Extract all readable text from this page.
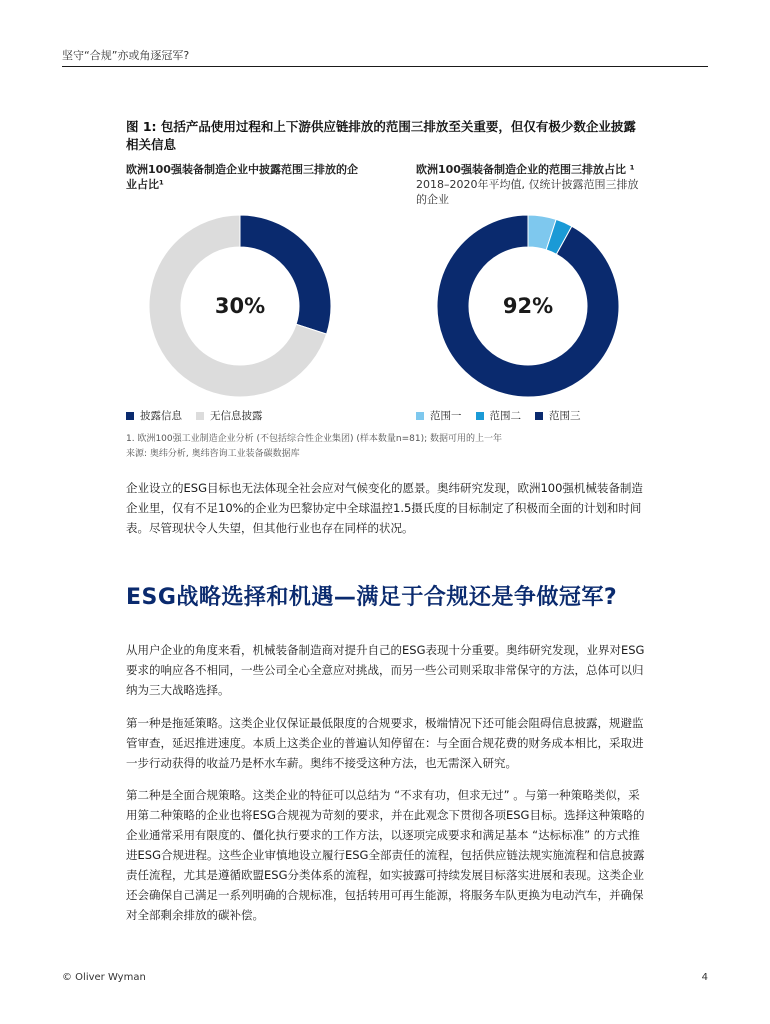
坚守“合规”亦或角逐冠军?
图 1: 包括产品使用过程和上下游供应链排放的范围三排放至关重要，但仅有极少数企业披露相关信息
欧洲100强装备制造企业中披露范围三排放的企业占比¹
欧洲100强装备制造企业的范围三排放占比 ¹
2018–2020年平均值, 仅统计披露范围三排放的企业
30%	92%
披露信息	无信息披露	范围一	范围二	范围三
1. 欧洲100强工业制造企业分析 (不包括综合性企业集团) (样本数量n=81); 数据可用的上一年
来源: 奥纬分析, 奥纬咨询工业装备碳数据库
企业设立的ESG目标也无法体现全社会应对气候变化的愿景。奥纬研究发现，欧洲100强机械装备制造企业里，仅有不足10%的企业为巴黎协定中全球温控1.5摄氏度的目标制定了积极而全面的计划和时间表。尽管现状令人失望，但其他行业也存在同样的状况。
ESG战略选择和机遇—满足于合规还是争做冠军?
从用户企业的角度来看，机械装备制造商对提升自己的ESG表现十分重要。奥纬研究发现，业界对ESG要求的响应各不相同，一些公司全心全意应对挑战，而另一些公司则采取非常保守的方法，总体可以归纳为三大战略选择。
第一种是拖延策略。这类企业仅保证最低限度的合规要求，极端情况下还可能会阻碍信息披露，规避监管审查，延迟推进速度。本质上这类企业的普遍认知停留在：与全面合规花费的财务成本相比，采取进一步行动获得的收益乃是杯水车薪。奥纬不接受这种方法，也无需深入研究。
第二种是全面合规策略。这类企业的特征可以总结为 “不求有功，但求无过” 。与第一种策略类似，采用第二种策略的企业也将ESG合规视为苛刻的要求，并在此观念下贯彻各项ESG目标。选择这种策略的企业通常采用有限度的、僵化执行要求的工作方法，以逐项完成要求和满足基本 “达标标准” 的方式推进ESG合规进程。这些企业审慎地设立履行ESG全部责任的流程，包括供应链法规实施流程和信息披露责任流程，尤其是遵循欧盟ESG分类体系的流程，如实披露可持续发展目标落实进展和表现。这类企业还会确保自己满足一系列明确的合规标准，包括转用可再生能源，将服务车队更换为电动汽车，并确保对全部剩余排放的碳补偿。
© Oliver Wyman	4
